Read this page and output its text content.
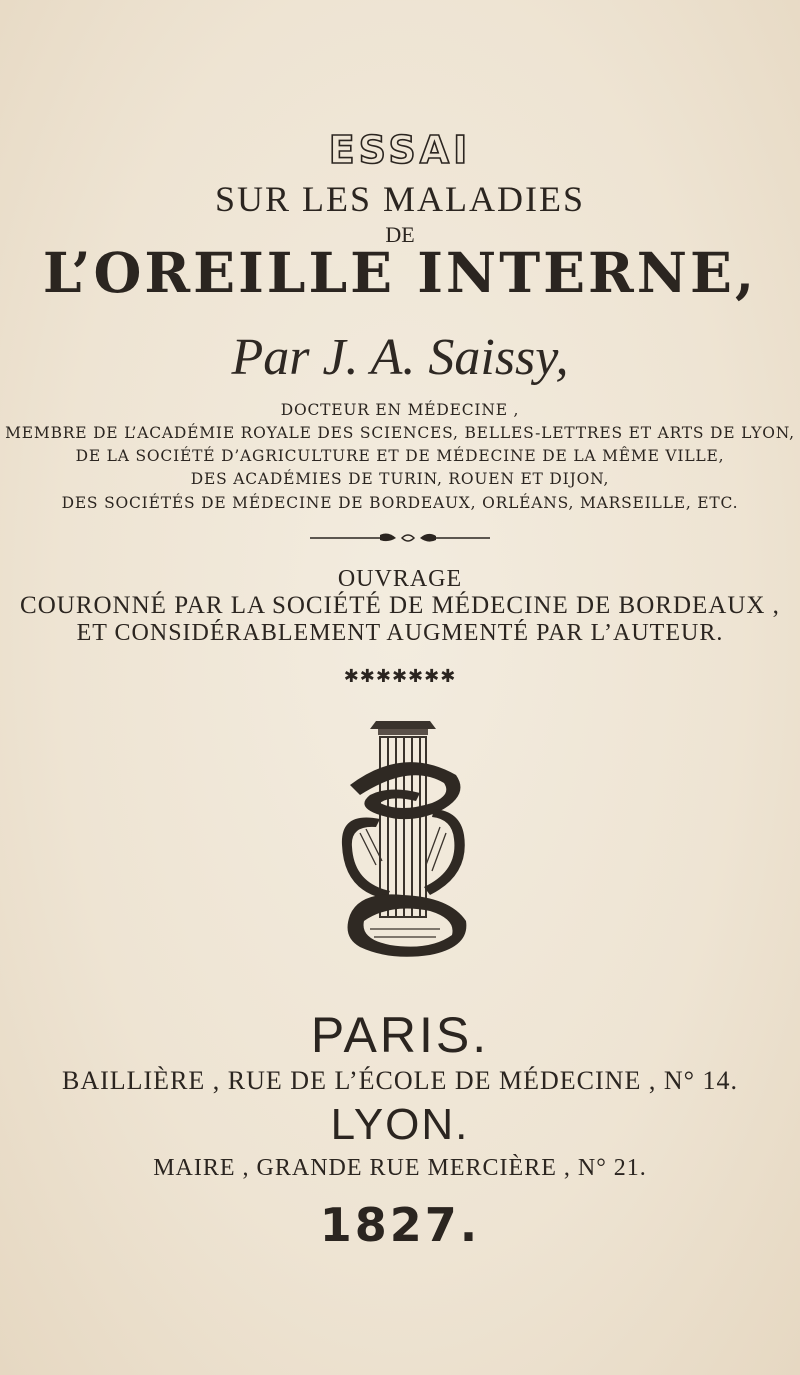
ESSAI
SUR LES MALADIES
DE
L’OREILLE INTERNE,
Par J. A. Saissy,
DOCTEUR EN MÉDECINE ,
MEMBRE DE L’ACADÉMIE ROYALE DES SCIENCES, BELLES-LETTRES ET ARTS DE LYON,
DE LA SOCIÉTÉ D’AGRICULTURE ET DE MÉDECINE DE LA MÊME VILLE,
DES ACADÉMIES DE TURIN, ROUEN ET DIJON,
DES SOCIÉTÉS DE MÉDECINE DE BORDEAUX, ORLÉANS, MARSEILLE, ETC.
OUVRAGE
COURONNÉ PAR LA SOCIÉTÉ DE MÉDECINE DE BORDEAUX ,
ET CONSIDÉRABLEMENT AUGMENTÉ PAR L’AUTEUR.
✱✱✱✱✱✱✱
PARIS.
BAILLIÈRE , RUE DE L’ÉCOLE DE MÉDECINE , N° 14.
LYON.
MAIRE , GRANDE RUE MERCIÈRE , N° 21.
1827.
